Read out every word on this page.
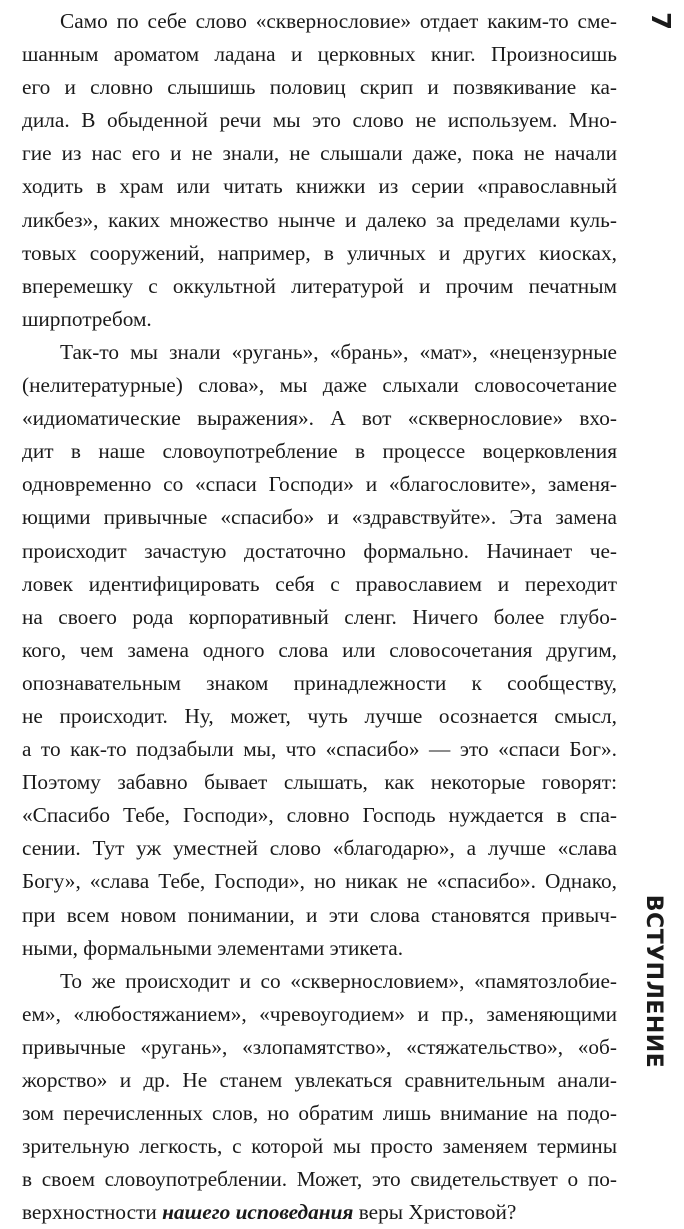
7
ВСТУПЛЕНИЕ

Само по себе слово «сквернословие» отдает каким-то сме-
шанным ароматом ладана и церковных книг. Произносишь
его и словно слышишь половиц скрип и позвякивание ка-
дила. В обыденной речи мы это слово не используем. Мно-
гие из нас его и не знали, не слышали даже, пока не начали
ходить в храм или читать книжки из серии «православный
ликбез», каких множество нынче и далеко за пределами куль-
товых сооружений, например, в уличных и других киосках,
вперемешку с оккультной литературой и прочим печатным
ширпотребом.

Так-то мы знали «ругань», «брань», «мат», «нецензурные
(нелитературные) слова», мы даже слыхали словосочетание
«идиоматические выражения». А вот «сквернословие» вхо-
дит в наше словоупотребление в процессе воцерковления
одновременно со «спаси Господи» и «благословите», заменя-
ющими привычные «спасибо» и «здравствуйте». Эта замена
происходит зачастую достаточно формально. Начинает че-
ловек идентифицировать себя с православием и переходит
на своего рода корпоративный сленг. Ничего более глубо-
кого, чем замена одного слова или словосочетания другим,
опознавательным знаком принадлежности к сообществу,
не происходит. Ну, может, чуть лучше осознается смысл,
а то как-то подзабыли мы, что «спасибо» — это «спаси Бог».
Поэтому забавно бывает слышать, как некоторые говорят:
«Спасибо Тебе, Господи», словно Господь нуждается в спа-
сении. Тут уж уместней слово «благодарю», а лучше «слава
Богу», «слава Тебе, Господи», но никак не «спасибо». Однако,
при всем новом понимании, и эти слова становятся привыч-
ными, формальными элементами этикета.

То же происходит и со «сквернословием», «памятозлобие-
ем», «любостяжанием», «чревоугодием» и пр., заменяющими
привычные «ругань», «злопамятство», «стяжательство», «об-
жорство» и др. Не станем увлекаться сравнительным анали-
зом перечисленных слов, но обратим лишь внимание на подо-
зрительную легкость, с которой мы просто заменяем термины
в своем словоупотреблении. Может, это свидетельствует о по-
верхностности нашего исповедания веры Христовой?
